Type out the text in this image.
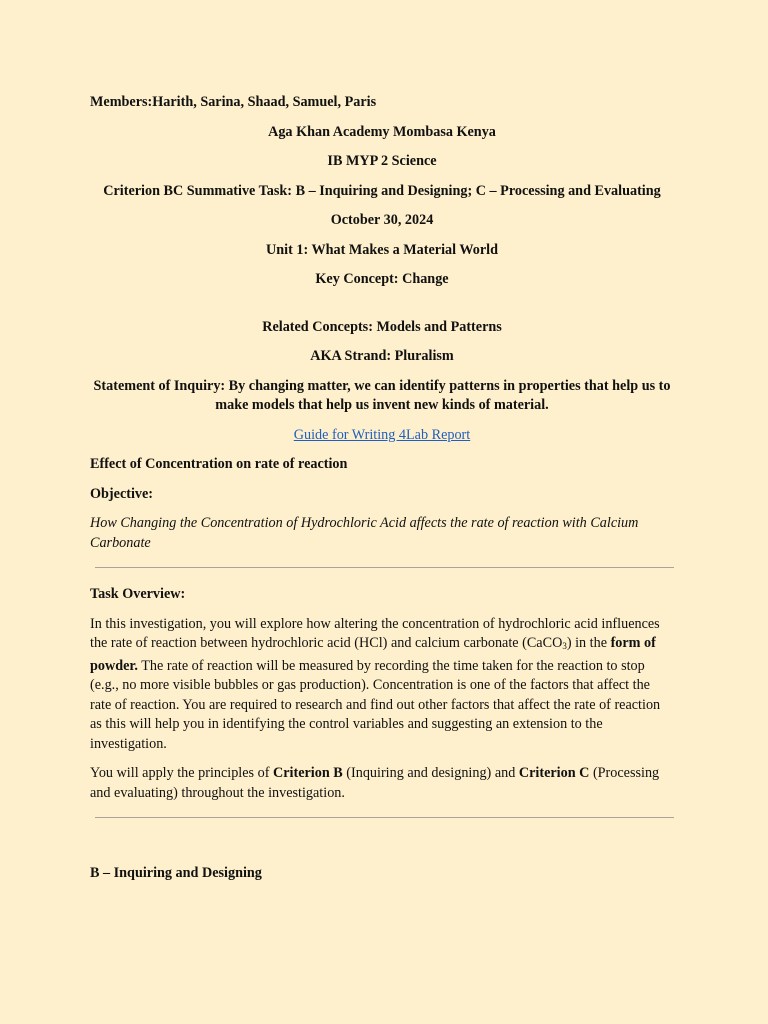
Members:Harith, Sarina, Shaad, Samuel, Paris

Aga Khan Academy Mombasa Kenya

IB MYP 2 Science

Criterion BC Summative Task: B – Inquiring and Designing; C – Processing and Evaluating

October 30, 2024

Unit 1: What Makes a Material World

Key Concept: Change

Related Concepts: Models and Patterns

AKA Strand: Pluralism

Statement of Inquiry: By changing matter, we can identify patterns in properties that help us to make models that help us invent new kinds of material.

Guide for Writing 4Lab Report

Effect of Concentration on rate of reaction

Objective:

How Changing the Concentration of Hydrochloric Acid affects the rate of reaction with Calcium Carbonate

Task Overview:

In this investigation, you will explore how altering the concentration of hydrochloric acid influences the rate of reaction between hydrochloric acid (HCl) and calcium carbonate (CaCO$_3$) in the form of powder. The rate of reaction will be measured by recording the time taken for the reaction to stop (e.g., no more visible bubbles or gas production). Concentration is one of the factors that affect the rate of reaction. You are required to research and find out other factors that affect the rate of reaction as this will help you in identifying the control variables and suggesting an extension to the investigation.

You will apply the principles of Criterion B (Inquiring and designing) and Criterion C (Processing and evaluating) throughout the investigation.

B – Inquiring and Designing
